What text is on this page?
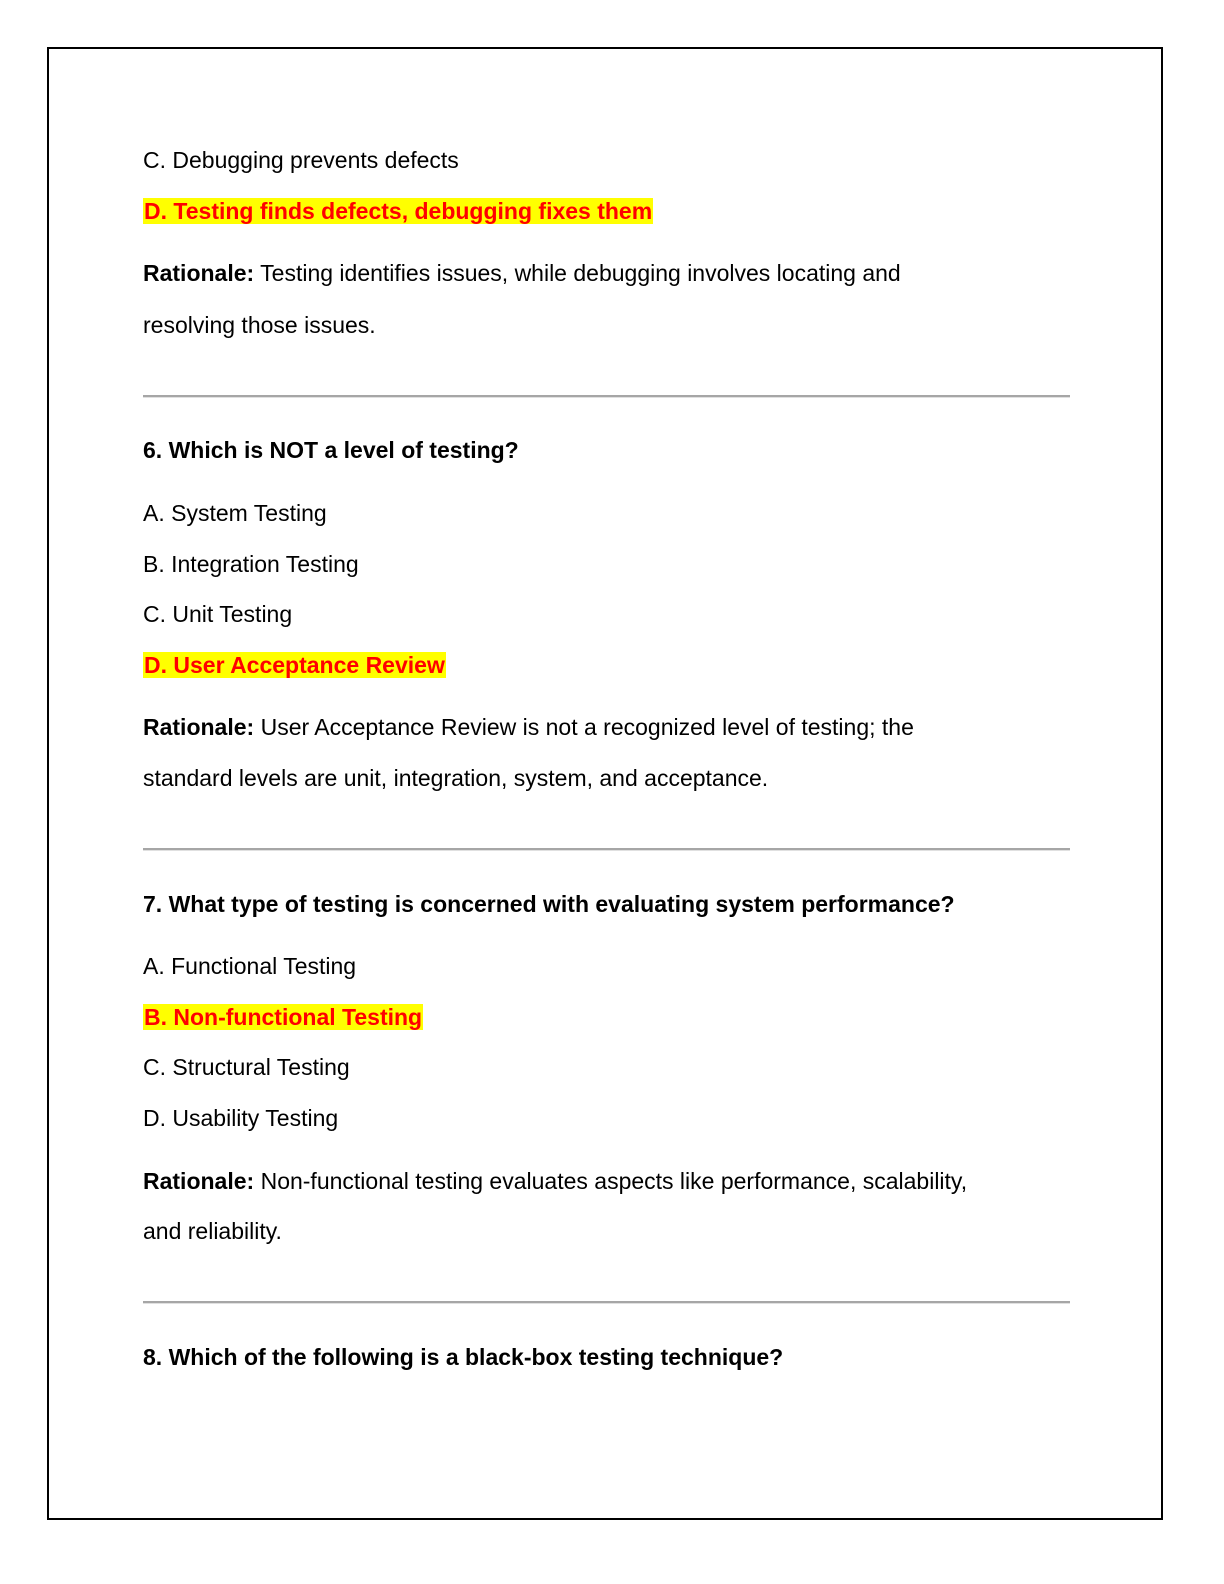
C. Debugging prevents defects
D. Testing finds defects, debugging fixes them
Rationale: Testing identifies issues, while debugging involves locating and
resolving those issues.
6. Which is NOT a level of testing?
A. System Testing
B. Integration Testing
C. Unit Testing
D. User Acceptance Review
Rationale: User Acceptance Review is not a recognized level of testing; the
standard levels are unit, integration, system, and acceptance.
7. What type of testing is concerned with evaluating system performance?
A. Functional Testing
B. Non-functional Testing
C. Structural Testing
D. Usability Testing
Rationale: Non-functional testing evaluates aspects like performance, scalability,
and reliability.
8. Which of the following is a black-box testing technique?
